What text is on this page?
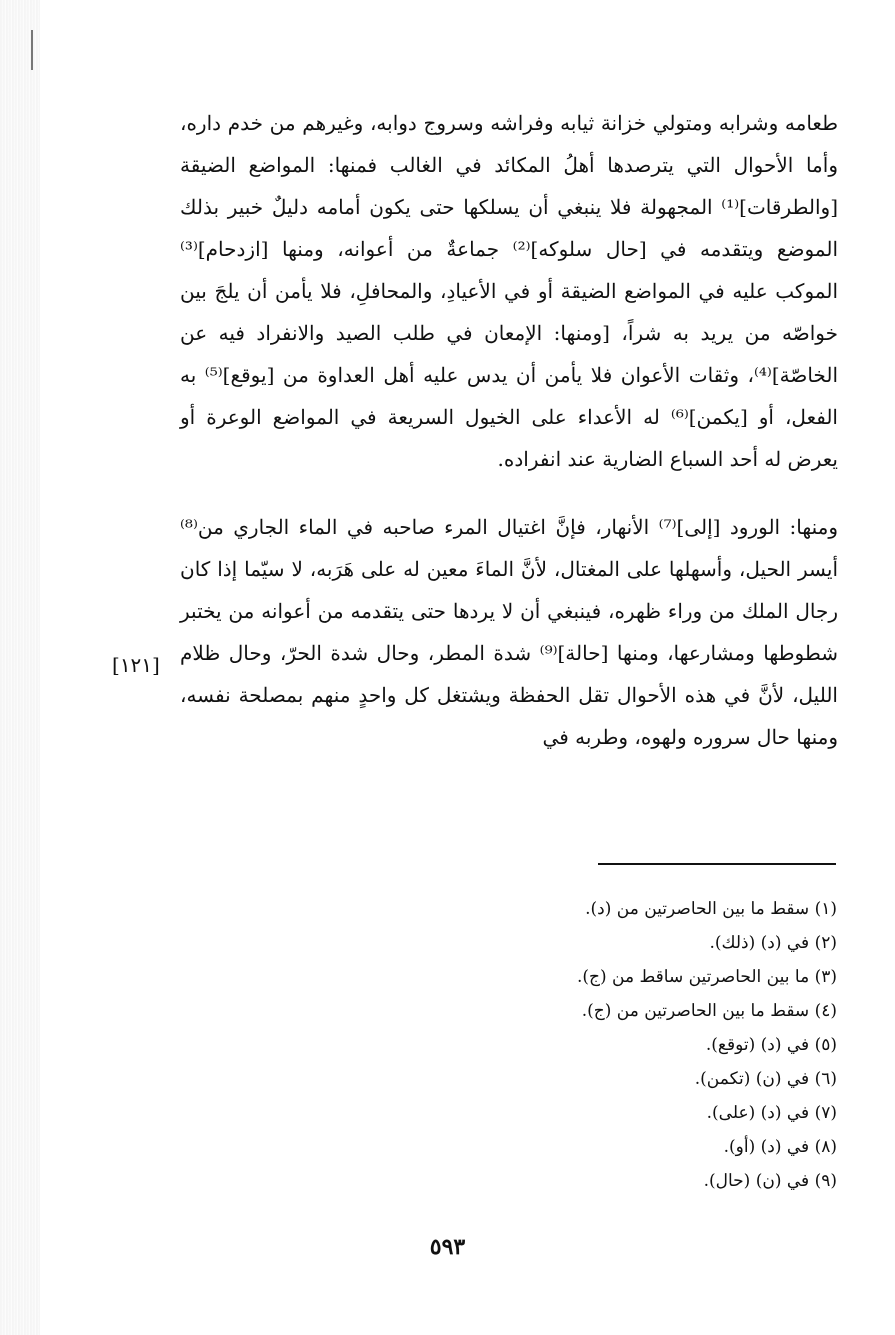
طعامه وشرابه ومتولي خزانة ثيابه وفراشه وسروج دوابه، وغيرهم من خدم داره، وأما الأحوال التي يترصدها أهلُ المكائد في الغالب فمنها: المواضع الضيقة [والطرقات]⁽¹⁾ المجهولة فلا ينبغي أن يسلكها حتى يكون أمامه دليلٌ خبير بذلك الموضع ويتقدمه في [حال سلوكه]⁽²⁾ جماعةٌ من أعوانه، ومنها [ازدحام]⁽³⁾ الموكب عليه في المواضع الضيقة أو في الأعيادِ، والمحافلِ، فلا يأمن أن يلجَ بين خواصّه من يريد به شراً، [ومنها: الإمعان في طلب الصيد والانفراد فيه عن الخاصّة]⁽⁴⁾، وثقات الأعوان فلا يأمن أن يدس عليه أهل العداوة من [يوقع]⁽⁵⁾ به الفعل، أو [يكمن]⁽⁶⁾ له الأعداء على الخيول السريعة في المواضع الوعرة أو يعرض له أحد السباع الضارية عند انفراده.

ومنها: الورود [إلى]⁽⁷⁾ الأنهار، فإنَّ اغتيال المرء صاحبه في الماء الجاري من⁽⁸⁾ أيسر الحيل، وأسهلها على المغتال، لأنَّ الماءَ معين له على هَرَبه، لا سيّما إذا كان رجال الملك من وراء ظهره، فينبغي أن لا يردها حتى يتقدمه من أعوانه من يختبر شطوطها ومشارعها، ومنها [حالة]⁽⁹⁾ شدة المطر، وحال شدة الحرّ، وحال ظلام الليل، لأنَّ في هذه الأحوال تقل الحفظة ويشتغل كل واحدٍ منهم بمصلحة نفسه، ومنها حال سروره ولهوه، وطربه في

[١٢١]
(١) سقط ما بين الحاصرتين من (د).
(٢) في (د) (ذلك).
(٣) ما بين الحاصرتين ساقط من (ج).
(٤) سقط ما بين الحاصرتين من (ج).
(٥) في (د) (توقع).
(٦) في (ن) (تكمن).
(٧) في (د) (على).
(٨) في (د) (أو).
(٩) في (ن) (حال).
٥٩٣
